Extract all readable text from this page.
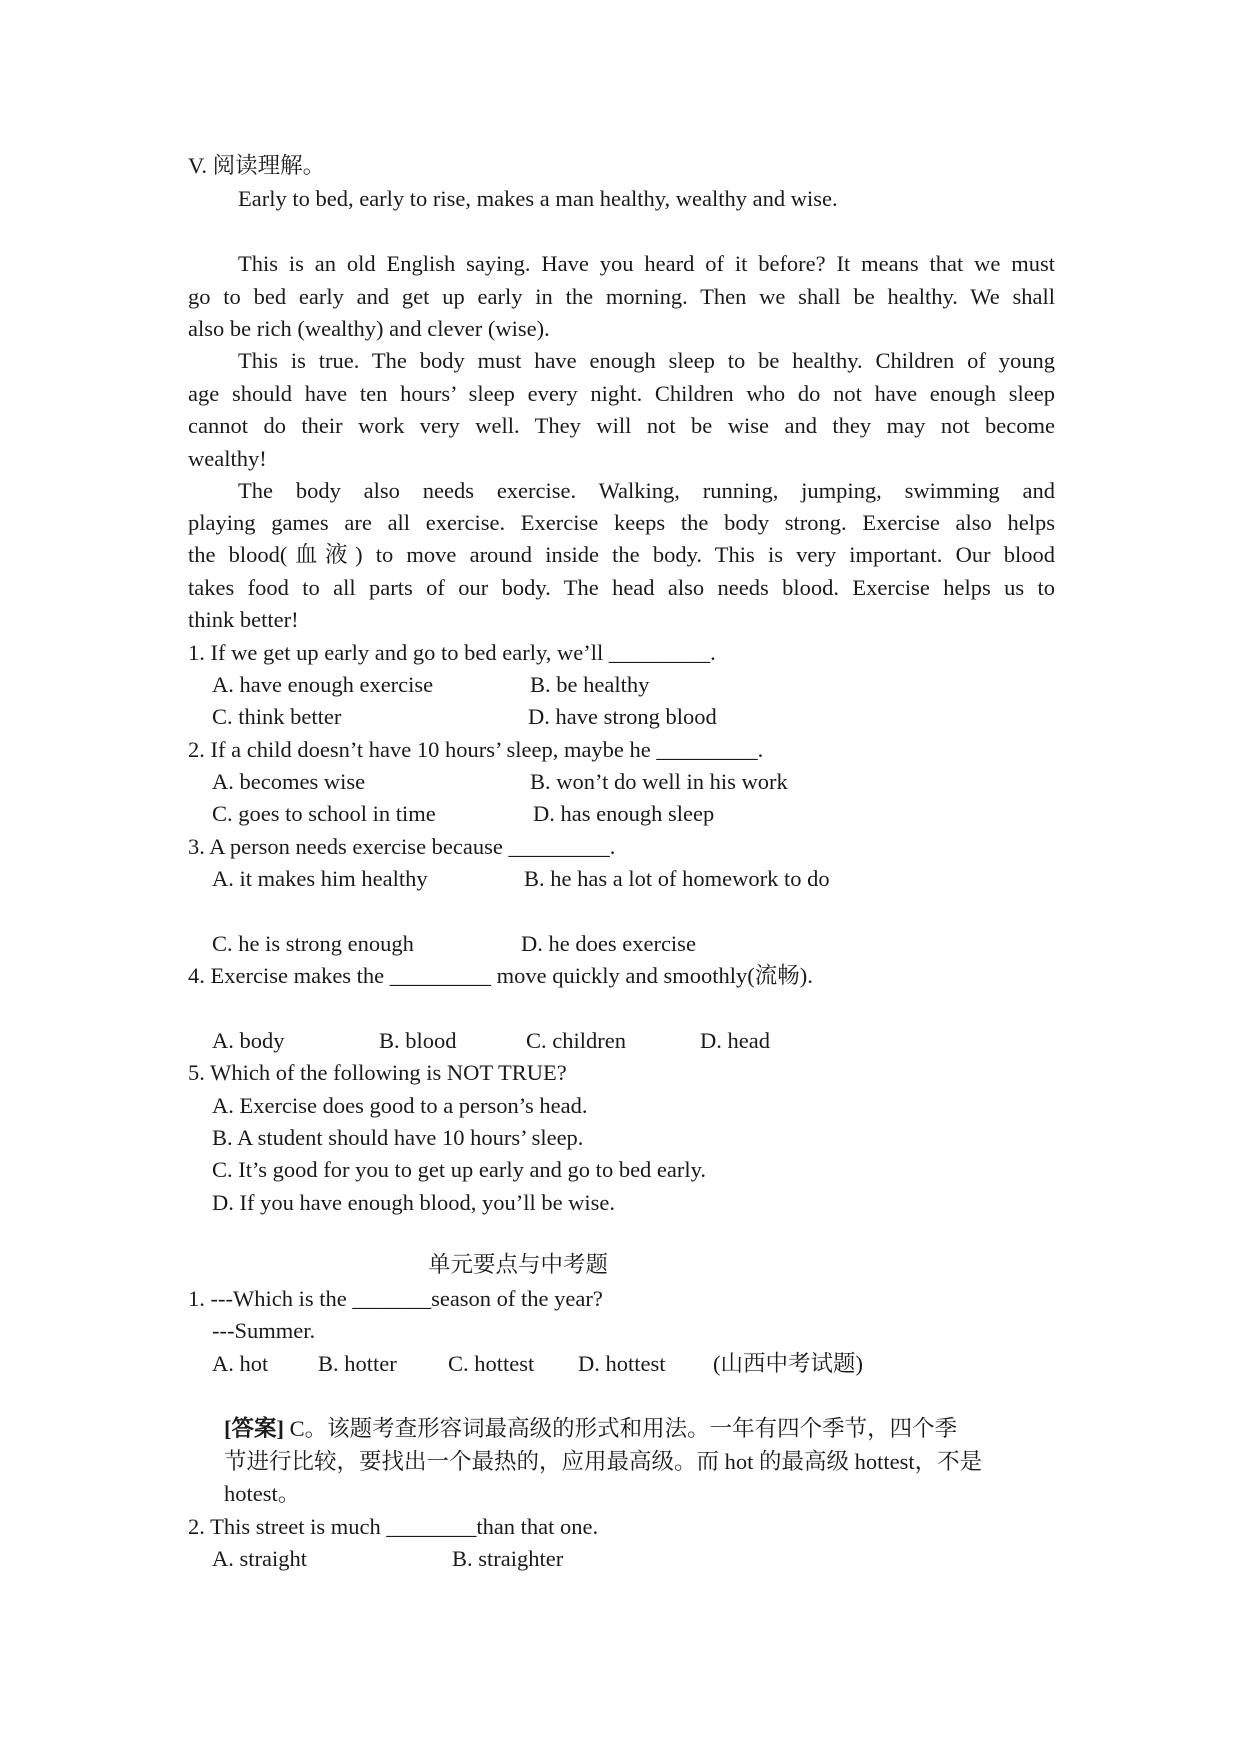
V. 阅读理解。
Early to bed, early to rise, makes a man healthy, wealthy and wise.
This is an old English saying. Have you heard of it before? It means that we must
go to bed early and get up early in the morning. Then we shall be healthy. We shall
also be rich (wealthy) and clever (wise).
This is true. The body must have enough sleep to be healthy. Children of young
age should have ten hours’ sleep every night. Children who do not have enough sleep
cannot do their work very well. They will not be wise and they may not become
wealthy!
The body also needs exercise. Walking, running, jumping, swimming and
playing games are all exercise. Exercise keeps the body strong. Exercise also helps
the blood(血液) to move around inside the body. This is very important. Our blood
takes food to all parts of our body. The head also needs blood. Exercise helps us to
think better!
1. If we get up early and go to bed early, we’ll _________.
A. have enough exercise	B. be healthy
C. think better	D. have strong blood
2. If a child doesn’t have 10 hours’ sleep, maybe he _________.
A. becomes wise	B. won’t do well in his work
C. goes to school in time	D. has enough sleep
3. A person needs exercise because _________.
A. it makes him healthy	B. he has a lot of homework to do
C. he is strong enough	D. he does exercise
4. Exercise makes the _________ move quickly and smoothly(流畅).
A. body	B. blood	C. children	D. head
5. Which of the following is NOT TRUE?
A. Exercise does good to a person’s head.
B. A student should have 10 hours’ sleep.
C. It’s good for you to get up early and go to bed early.
D. If you have enough blood, you’ll be wise.
单元要点与中考题
1. ---Which is the _______season of the year?
---Summer.
A. hot B. hotter C. hottest D. hottest (山西中考试题)
[答案] C。该题考查形容词最高级的形式和用法。一年有四个季节，四个季
节进行比较，要找出一个最热的，应用最高级。而 hot 的最高级 hottest，不是
hotest。
2. This street is much ________than that one.
A. straight	B. straighter
